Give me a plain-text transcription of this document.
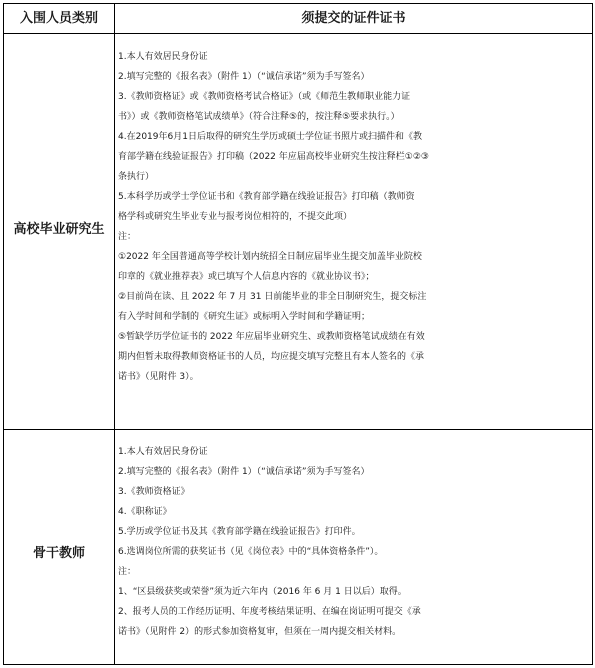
入围人员类别	须提交的证件证书
高校毕业研究生
1.本人有效居民身份证
2.填写完整的《报名表》（附件 1）（“诚信承诺”须为手写签名）
3.《教师资格证》或《教师资格考试合格证》（或《师范生教师职业能力证
书》）或《教师资格笔试成绩单》（符合注释⑤的，按注释⑤要求执行。）
4.在2019年6月1日后取得的研究生学历或硕士学位证书照片或扫描件和《教
育部学籍在线验证报告》打印稿（2022 年应届高校毕业研究生按注释栏①②③
条执行）
5.本科学历或学士学位证书和《教育部学籍在线验证报告》打印稿（教师资
格学科或研究生毕业专业与报考岗位相符的，不提交此项）
注：
①2022 年全国普通高等学校计划内统招全日制应届毕业生提交加盖毕业院校
印章的《就业推荐表》或已填写个人信息内容的《就业协议书》；
②目前尚在读、且 2022 年 7 月 31 日前能毕业的非全日制研究生，提交标注
有入学时间和学制的《研究生证》或标明入学时间和学籍证明；
⑤暂缺学历学位证书的 2022 年应届毕业研究生、或教师资格笔试成绩在有效
期内但暂未取得教师资格证书的人员，均应提交填写完整且有本人签名的《承
诺书》（见附件 3）。
骨干教师
1.本人有效居民身份证
2.填写完整的《报名表》（附件 1）（“诚信承诺”须为手写签名）
3.《教师资格证》
4.《职称证》
5.学历或学位证书及其《教育部学籍在线验证报告》打印件。
6.选调岗位所需的获奖证书（见《岗位表》中的“具体资格条件”）。
注：
1、“区县级获奖或荣誉”须为近六年内（2016 年 6 月 1 日以后）取得。
2、报考人员的工作经历证明、年度考核结果证明、在编在岗证明可提交《承
诺书》（见附件 2）的形式参加资格复审，但须在一周内提交相关材料。
